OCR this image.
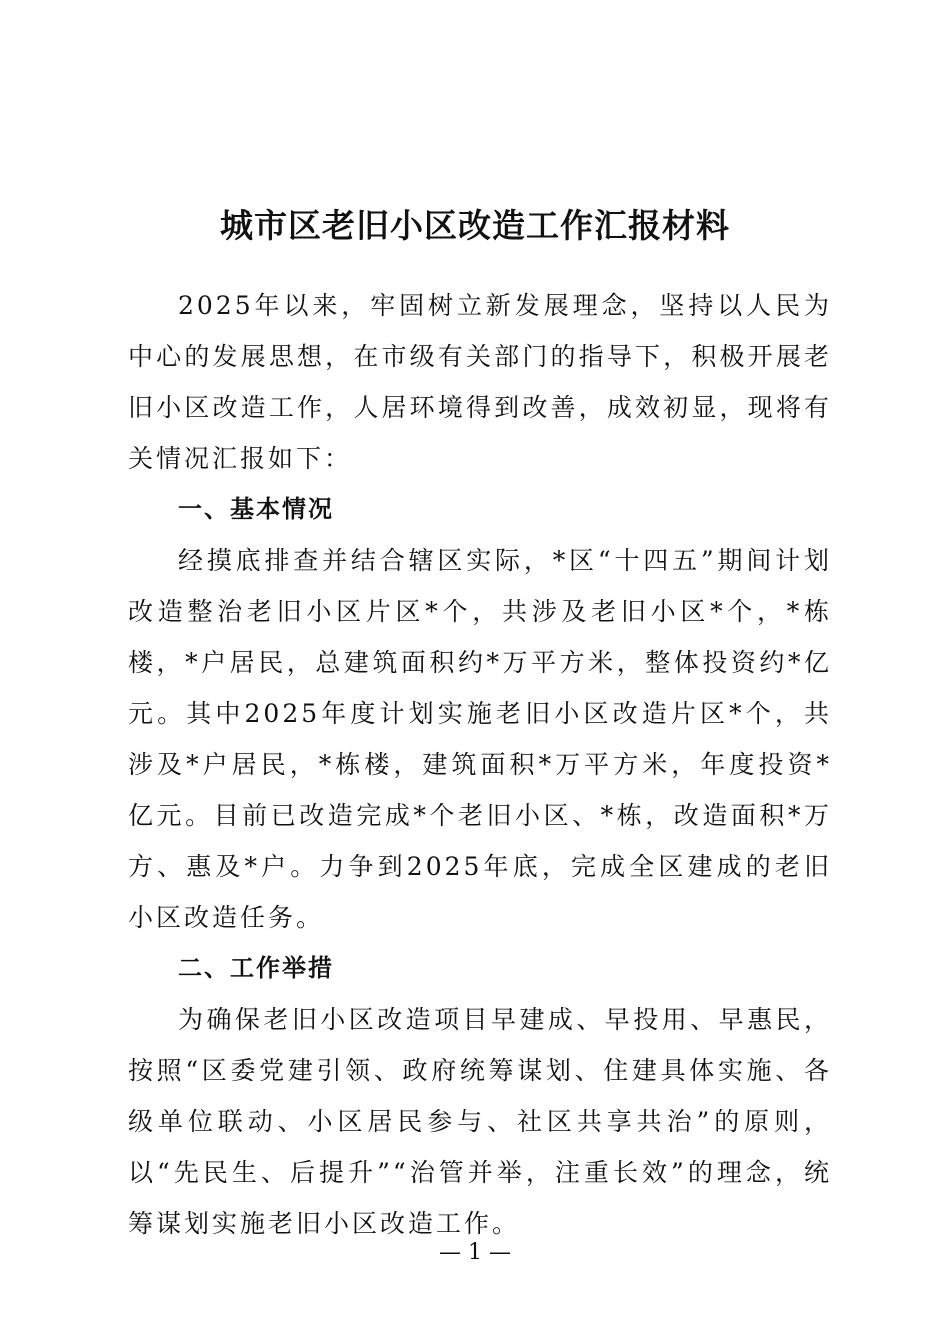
城市区老旧小区改造工作汇报材料

2025年以来，牢固树立新发展理念，坚持以人民为中心的发展思想，在市级有关部门的指导下，积极开展老旧小区改造工作，人居环境得到改善，成效初显，现将有关情况汇报如下：

一、基本情况

经摸底排查并结合辖区实际，*区“十四五”期间计划改造整治老旧小区片区*个，共涉及老旧小区*个，*栋楼，*户居民，总建筑面积约*万平方米，整体投资约*亿元。其中2025年度计划实施老旧小区改造片区*个，共涉及*户居民，*栋楼，建筑面积*万平方米，年度投资*亿元。目前已改造完成*个老旧小区、*栋，改造面积*万方、惠及*户。力争到2025年底，完成全区建成的老旧小区改造任务。

二、工作举措

为确保老旧小区改造项目早建成、早投用、早惠民，按照“区委党建引领、政府统筹谋划、住建具体实施、各级单位联动、小区居民参与、社区共享共治”的原则，以“先民生、后提升”“治管并举，注重长效”的理念，统筹谋划实施老旧小区改造工作。

— 1 —
